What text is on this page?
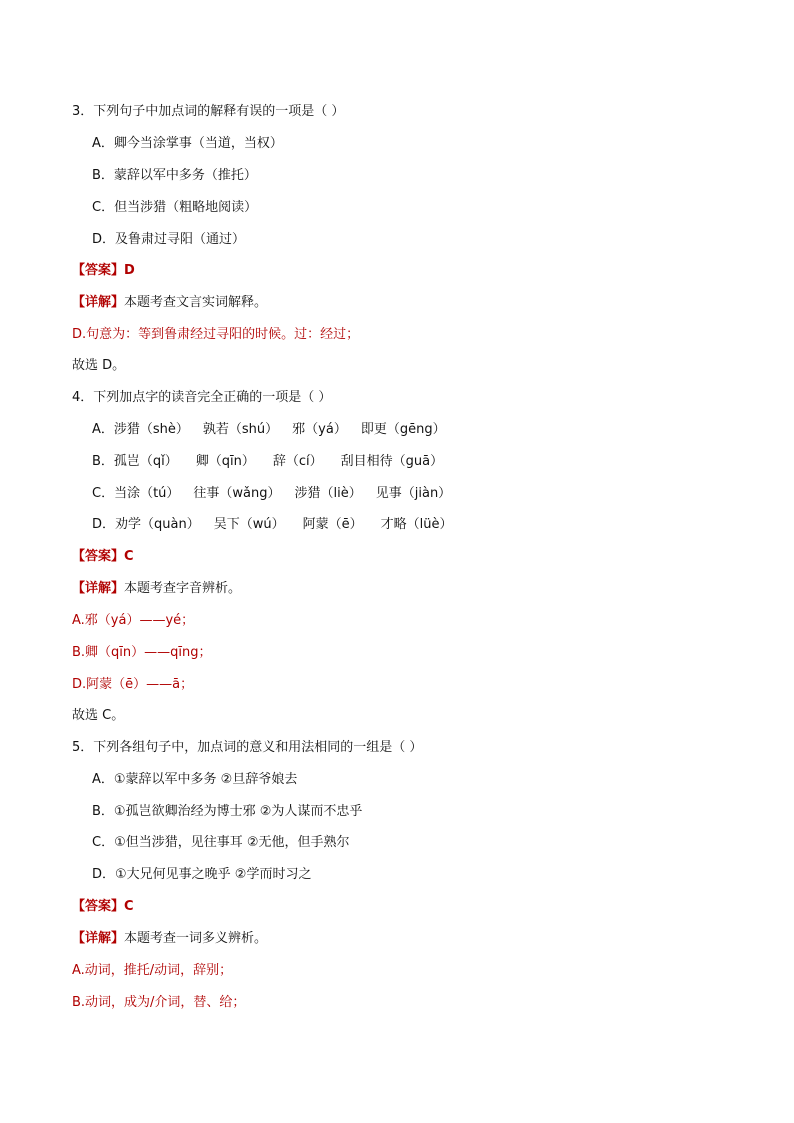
3．下列句子中加点词的解释有误的一项是（ ）
A．卿今当涂掌事（当道，当权）
B．蒙辞以军中多务（推托）
C．但当涉猎（粗略地阅读）
D．及鲁肃过寻阳（通过）
【答案】D
【详解】本题考查文言实词解释。
D.句意为：等到鲁肃经过寻阳的时候。过：经过；
故选 D。
4．下列加点字的读音完全正确的一项是（ ）
A．涉猎（shè） 孰若（shú） 邪（yá） 即更（gēng）
B．孤岂（qǐ） 卿（qīn） 辞（cí） 刮目相待（guā）
C．当涂（tú） 往事（wǎng） 涉猎（liè） 见事（jiàn）
D．劝学（quàn） 吴下（wú） 阿蒙（ē） 才略（lüè）
【答案】C
【详解】本题考查字音辨析。
A.邪（yá）——yé；
B.卿（qīn）——qīng；
D.阿蒙（ē）——ā；
故选 C。
5．下列各组句子中，加点词的意义和用法相同的一组是（ ）
A．①蒙辞以军中多务 ②旦辞爷娘去
B．①孤岂欲卿治经为博士邪 ②为人谋而不忠乎
C．①但当涉猎，见往事耳 ②无他，但手熟尔
D．①大兄何见事之晚乎 ②学而时习之
【答案】C
【详解】本题考查一词多义辨析。
A.动词，推托/动词，辞别；
B.动词，成为/介词，替、给；
